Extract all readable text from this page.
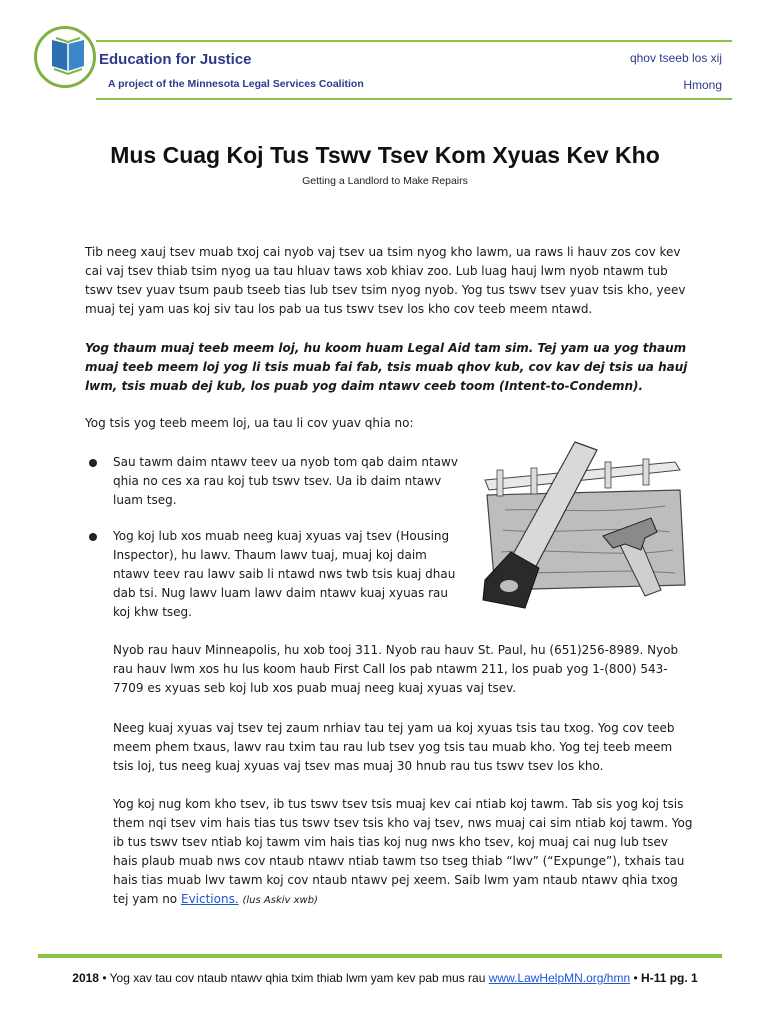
Education for Justice
A project of the Minnesota Legal Services Coalition
qhov tseeb los xij
Hmong
Mus Cuag Koj Tus Tswv Tsev Kom Xyuas Kev Kho
Getting a Landlord to Make Repairs
Tib neeg xauj tsev muab txoj cai nyob vaj tsev ua tsim nyog kho lawm, ua raws li hauv zos cov kev cai vaj tsev thiab tsim nyog ua tau hluav taws xob khiav zoo. Lub luag hauj lwm nyob ntawm tub tswv tsev yuav tsum paub tseeb tias lub tsev tsim nyog nyob. Yog tus tswv tsev yuav tsis kho, yeev muaj tej yam uas koj siv tau los pab ua tus tswv tsev los kho cov teeb meem ntawd.
Yog thaum muaj teeb meem loj, hu koom huam Legal Aid tam sim. Tej yam ua yog thaum muaj teeb meem loj yog li tsis muab fai fab, tsis muab qhov kub, cov kav dej tsis ua hauj lwm, tsis muab dej kub, los puab yog daim ntawv ceeb toom (Intent-to-Condemn).
Yog tsis yog teeb meem loj, ua tau li cov yuav qhia no:
Sau tawm daim ntawv teev ua nyob tom qab daim ntawv qhia no ces xa rau koj tub tswv tsev. Ua ib daim ntawv luam tseg.
Yog koj lub xos muab neeg kuaj xyuas vaj tsev (Housing Inspector), hu lawv. Thaum lawv tuaj, muaj koj daim ntawv teev rau lawv saib li ntawd nws twb tsis kuaj dhau dab tsi. Nug lawv luam lawv daim ntawv kuaj xyuas rau koj khw tseg.
Nyob rau hauv Minneapolis, hu xob tooj 311. Nyob rau hauv St. Paul, hu (651)256-8989. Nyob rau hauv lwm xos hu lus koom haub First Call los pab ntawm 211, los puab yog 1-(800) 543-7709 es xyuas seb koj lub xos puab muaj neeg kuaj xyuas vaj tsev.
Neeg kuaj xyuas vaj tsev tej zaum nrhiav tau tej yam ua koj xyuas tsis tau txog. Yog cov teeb meem phem txaus, lawv rau txim tau rau lub tsev yog tsis tau muab kho. Yog tej teeb meem tsis loj, tus neeg kuaj xyuas vaj tsev mas muaj 30 hnub rau tus tswv tsev los kho.
Yog koj nug kom kho tsev, ib tus tswv tsev tsis muaj kev cai ntiab koj tawm. Tab sis yog koj tsis them nqi tsev vim hais tias tus tswv tsev tsis kho vaj tsev, nws muaj cai sim ntiab koj tawm. Yog ib tus tswv tsev ntiab koj tawm vim hais tias koj nug nws kho tsev, koj muaj cai nug lub tsev hais plaub muab nws cov ntaub ntawv ntiab tawm tso tseg thiab “lwv” (“Expunge”), txhais tau hais tias muab lwv tawm koj cov ntaub ntawv pej xeem. Saib lwm yam ntaub ntawv qhia txog tej yam no Evictions. (lus Askiv xwb)
2018 • Yog xav tau cov ntaub ntawv qhia txim thiab lwm yam kev pab mus rau www.LawHelpMN.org/hmn • H-11 pg. 1
